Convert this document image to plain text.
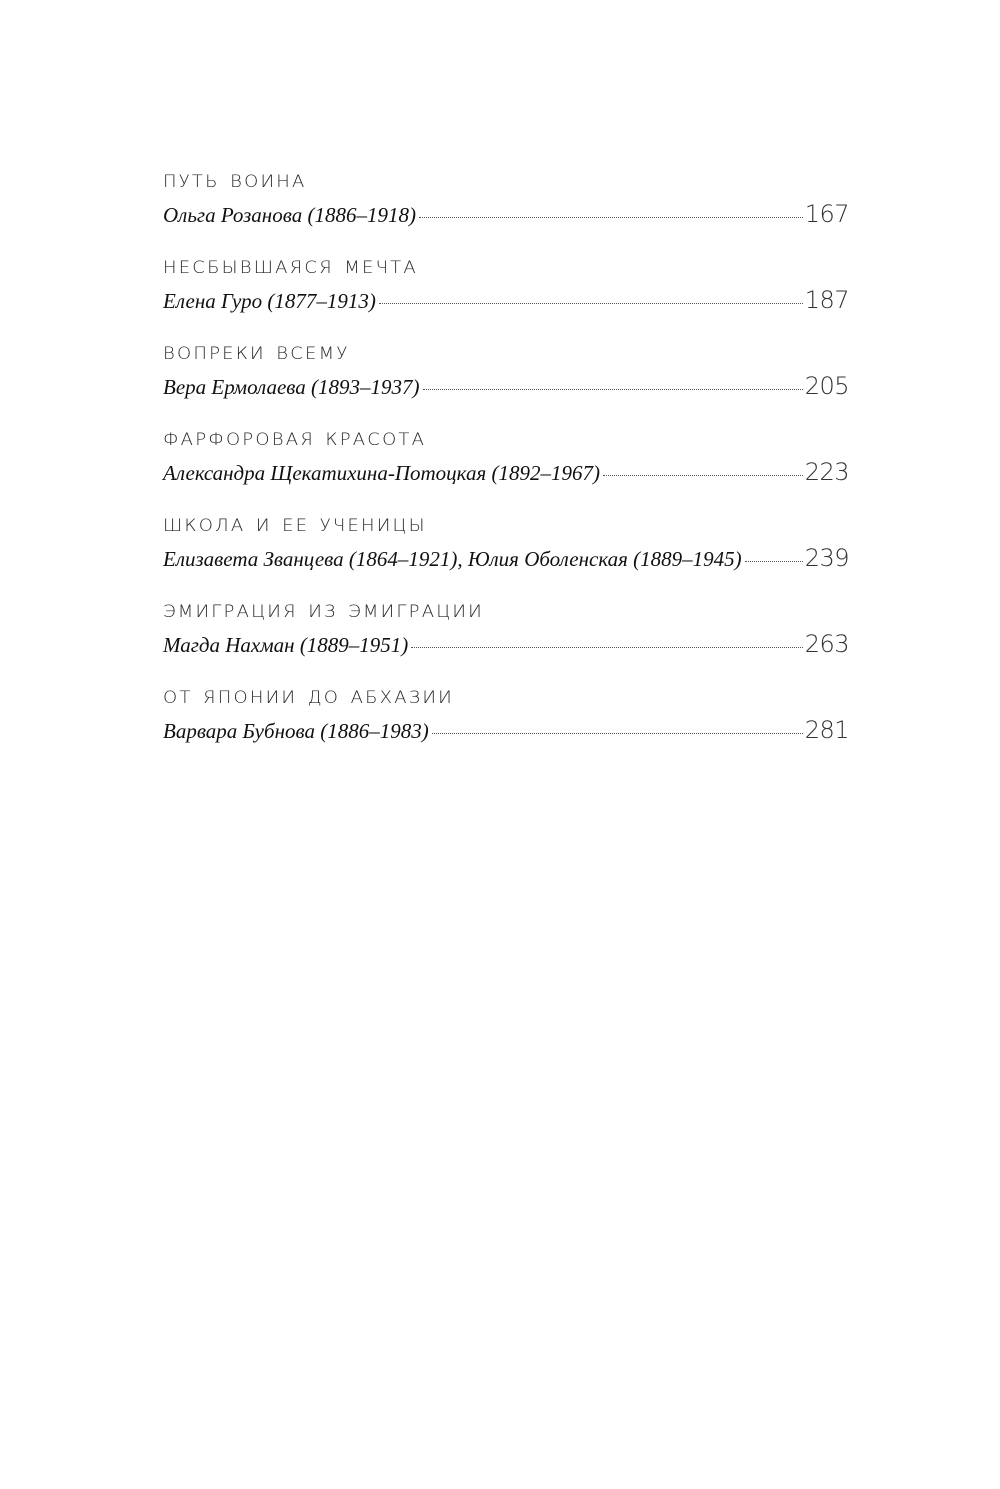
путь воина
Ольга Розанова (1886–1918)	167
несбывшаяся мечта
Елена Гуро (1877–1913)	187
вопреки всему
Вера Ермолаева (1893–1937)	205
фарфоровая красота
Александра Щекатихина-Потоцкая (1892–1967)	223
школа и ее ученицы
Елизавета Званцева (1864–1921), Юлия Оболенская (1889–1945)	239
эмиграция из эмиграции
Магда Нахман (1889–1951)	263
от японии до абхазии
Варвара Бубнова (1886–1983)	281
